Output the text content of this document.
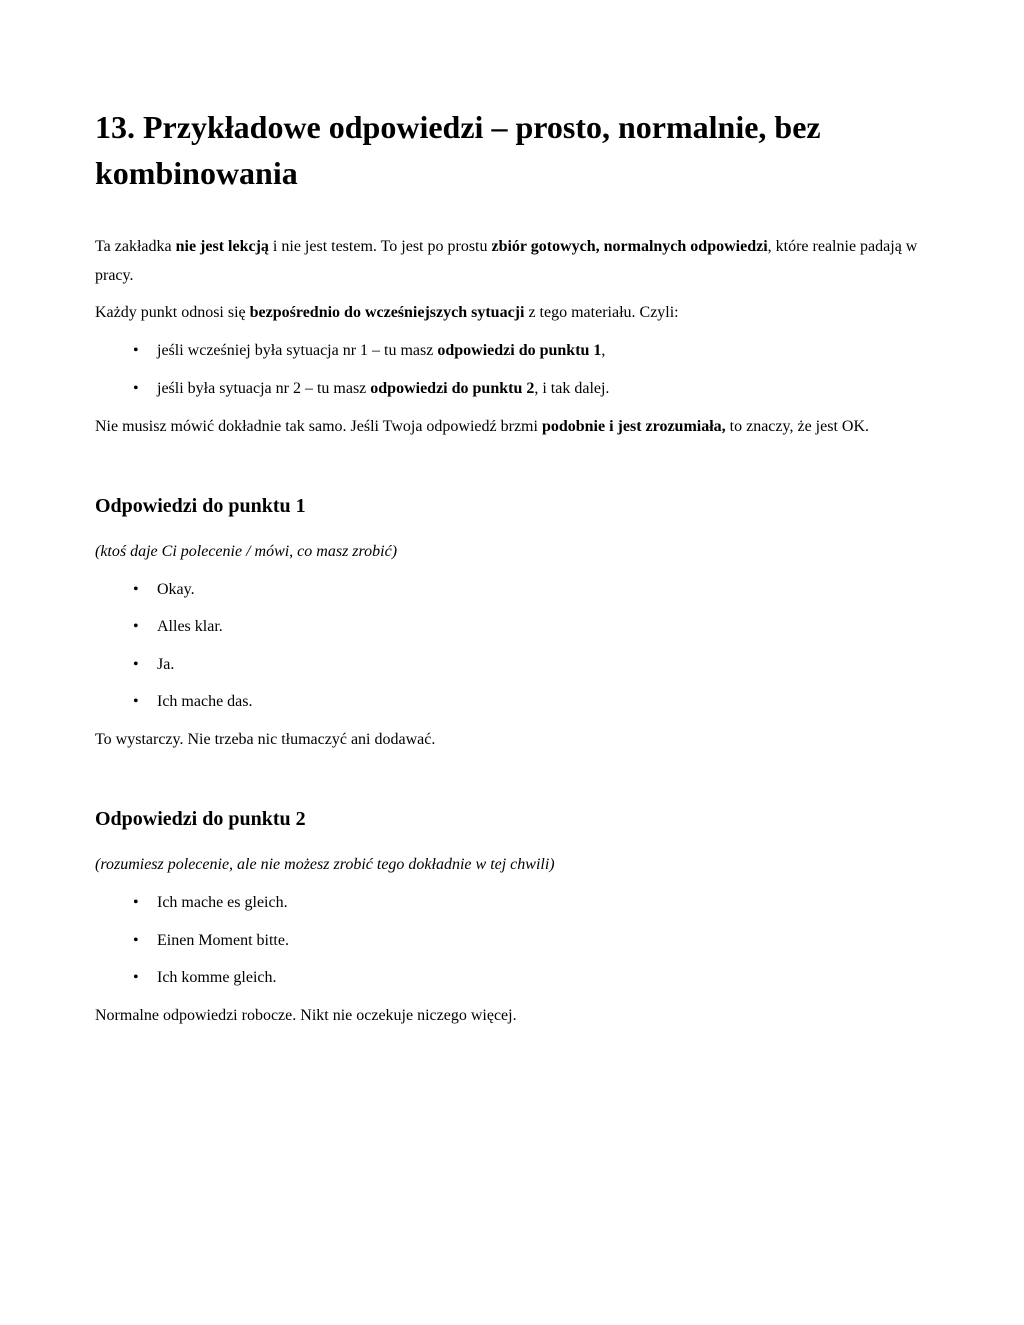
13. Przykładowe odpowiedzi – prosto, normalnie, bez kombinowania

Ta zakładka nie jest lekcją i nie jest testem. To jest po prostu zbiór gotowych, normalnych odpowiedzi, które realnie padają w pracy.

Każdy punkt odnosi się bezpośrednio do wcześniejszych sytuacji z tego materiału. Czyli:

• jeśli wcześniej była sytuacja nr 1 – tu masz odpowiedzi do punktu 1,
• jeśli była sytuacja nr 2 – tu masz odpowiedzi do punktu 2, i tak dalej.

Nie musisz mówić dokładnie tak samo. Jeśli Twoja odpowiedź brzmi podobnie i jest zrozumiała, to znaczy, że jest OK.

Odpowiedzi do punktu 1

(ktoś daje Ci polecenie / mówi, co masz zrobić)

• Okay.
• Alles klar.
• Ja.
• Ich mache das.

To wystarczy. Nie trzeba nic tłumaczyć ani dodawać.

Odpowiedzi do punktu 2

(rozumiesz polecenie, ale nie możesz zrobić tego dokładnie w tej chwili)

• Ich mache es gleich.
• Einen Moment bitte.
• Ich komme gleich.

Normalne odpowiedzi robocze. Nikt nie oczekuje niczego więcej.
